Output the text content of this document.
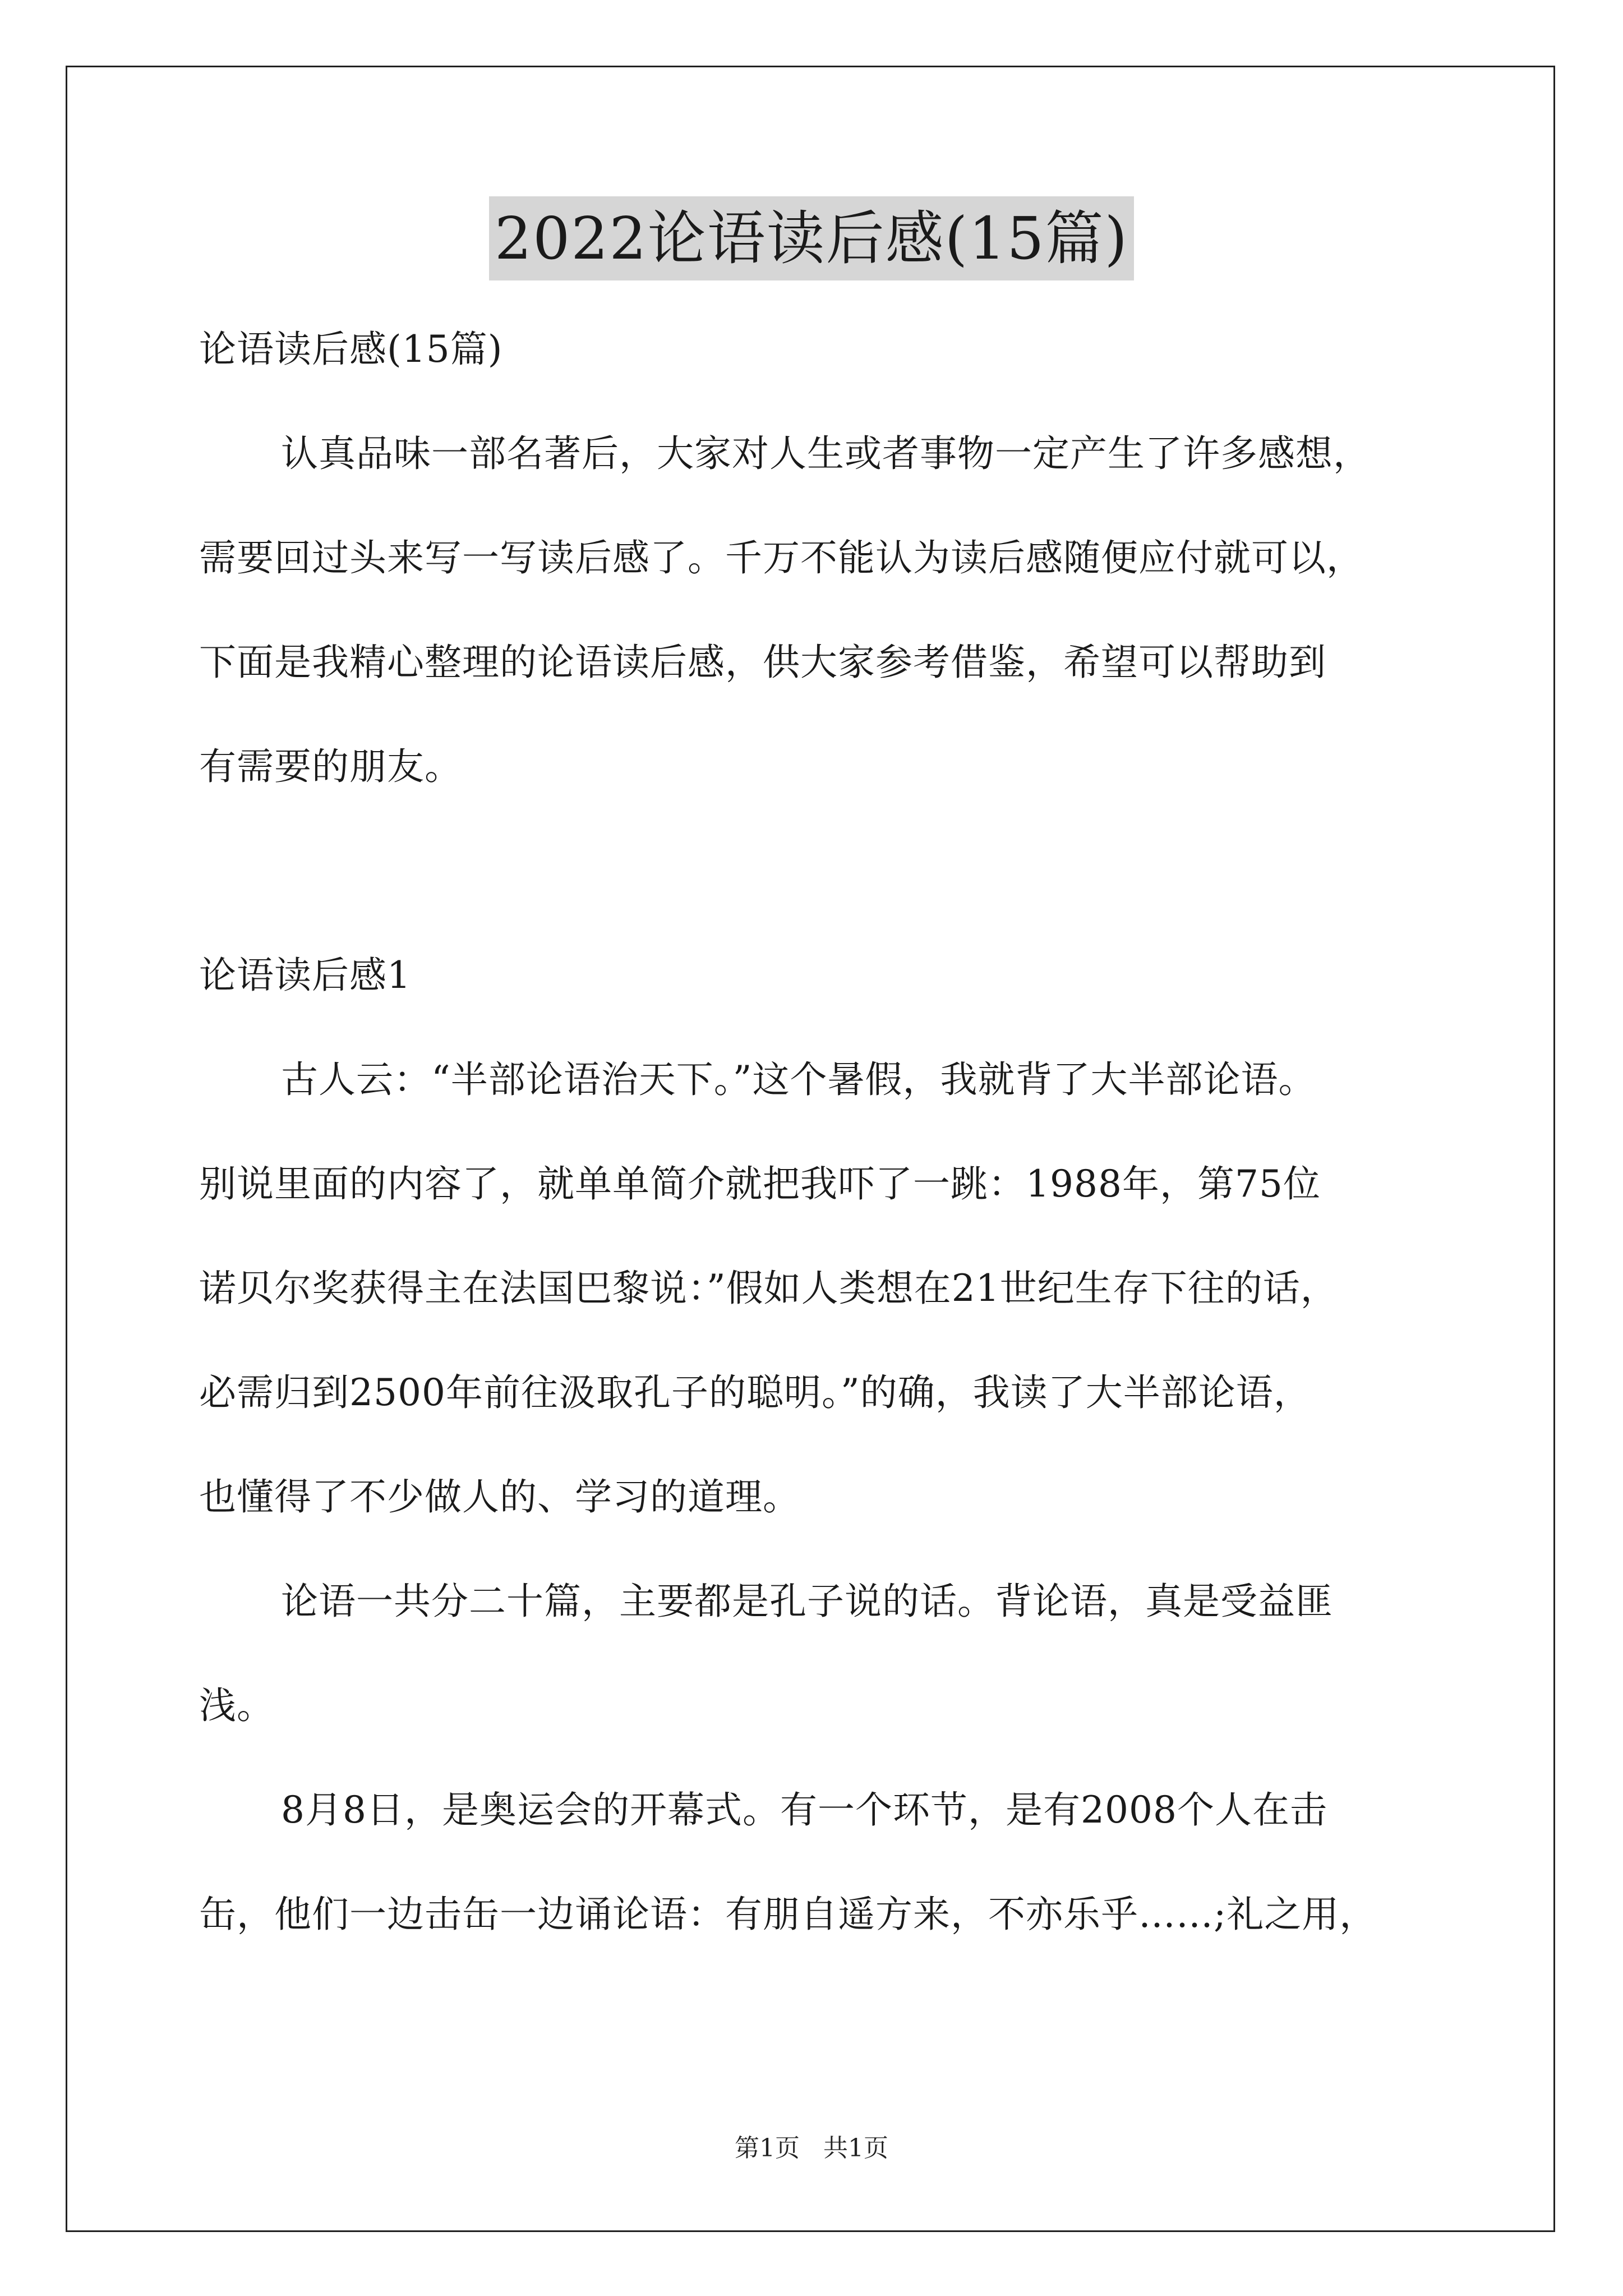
2022论语读后感(15篇)
论语读后感(15篇)
认真品味一部名著后，大家对人生或者事物一定产生了许多感想，
需要回过头来写一写读后感了。千万不能认为读后感随便应付就可以，
下面是我精心整理的论语读后感，供大家参考借鉴，希望可以帮助到
有需要的朋友。
论语读后感1
古人云：“半部论语治天下。”这个暑假，我就背了大半部论语。
别说里面的内容了，就单单简介就把我吓了一跳：1988年，第75位
诺贝尔奖获得主在法国巴黎说：”假如人类想在21世纪生存下往的话，
必需归到2500年前往汲取孔子的聪明。”的确，我读了大半部论语，
也懂得了不少做人的、学习的道理。
论语一共分二十篇，主要都是孔子说的话。背论语，真是受益匪
浅。
8月8日，是奥运会的开幕式。有一个环节，是有2008个人在击
缶，他们一边击缶一边诵论语：有朋自遥方来，不亦乐乎……;礼之用，
第1页 共1页
